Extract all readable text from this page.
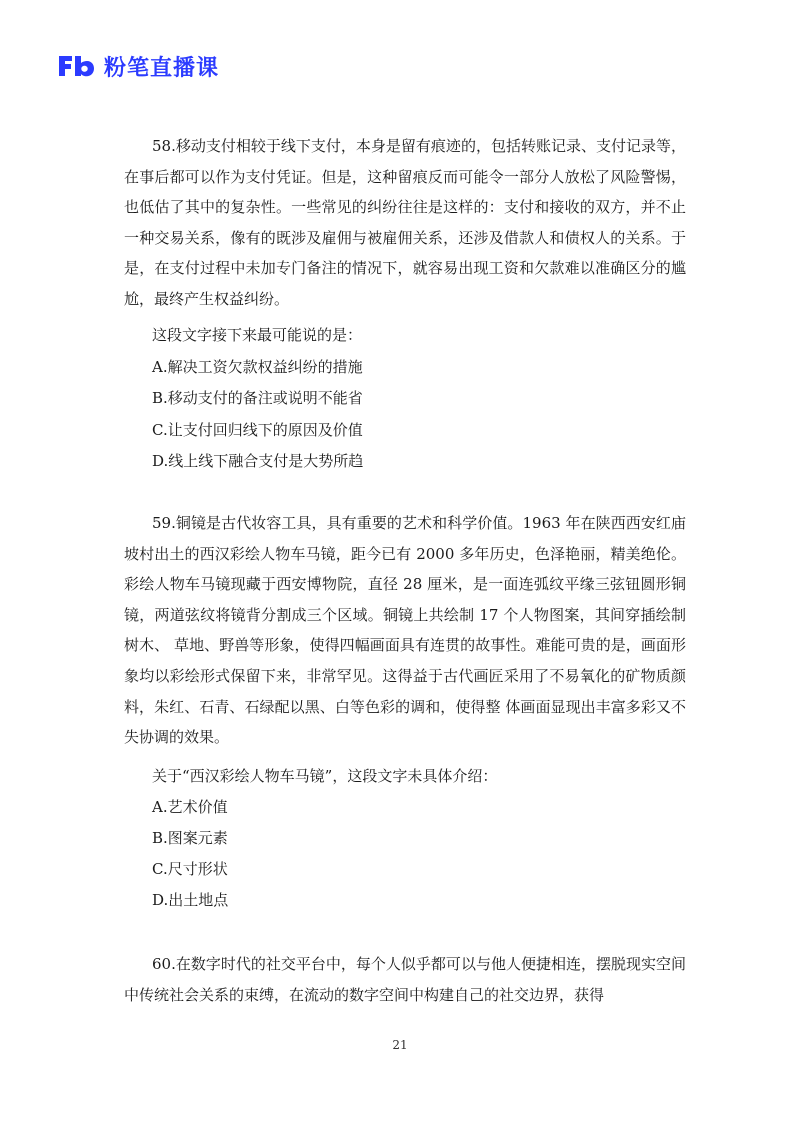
粉笔直播课
58.移动支付相较于线下支付，本身是留有痕迹的，包括转账记录、支付记录等，在事后都可以作为支付凭证。但是，这种留痕反而可能令一部分人放松了风险警惕，也低估了其中的复杂性。一些常见的纠纷往往是这样的：支付和接收的双方，并不止一种交易关系，像有的既涉及雇佣与被雇佣关系，还涉及借款人和债权人的关系。于是，在支付过程中未加专门备注的情况下，就容易出现工资和欠款难以准确区分的尴尬，最终产生权益纠纷。
这段文字接下来最可能说的是：
A.解决工资欠款权益纠纷的措施
B.移动支付的备注或说明不能省
C.让支付回归线下的原因及价值
D.线上线下融合支付是大势所趋
59.铜镜是古代妆容工具，具有重要的艺术和科学价值。1963 年在陕西西安红庙坡村出土的西汉彩绘人物车马镜，距今已有 2000 多年历史，色泽艳丽，精美绝伦。彩绘人物车马镜现藏于西安博物院，直径 28 厘米，是一面连弧纹平缘三弦钮圆形铜镜，两道弦纹将镜背分割成三个区域。铜镜上共绘制 17 个人物图案，其间穿插绘制树木、 草地、野兽等形象，使得四幅画面具有连贯的故事性。难能可贵的是，画面形象均以彩绘形式保留下来，非常罕见。这得益于古代画匠采用了不易氧化的矿物质颜料，朱红、石青、石绿配以黑、白等色彩的调和，使得整 体画面显现出丰富多彩又不失协调的效果。
关于“西汉彩绘人物车马镜”，这段文字未具体介绍：
A.艺术价值
B.图案元素
C.尺寸形状
D.出土地点
60.在数字时代的社交平台中，每个人似乎都可以与他人便捷相连，摆脱现实空间中传统社会关系的束缚，在流动的数字空间中构建自己的社交边界，获得
21
